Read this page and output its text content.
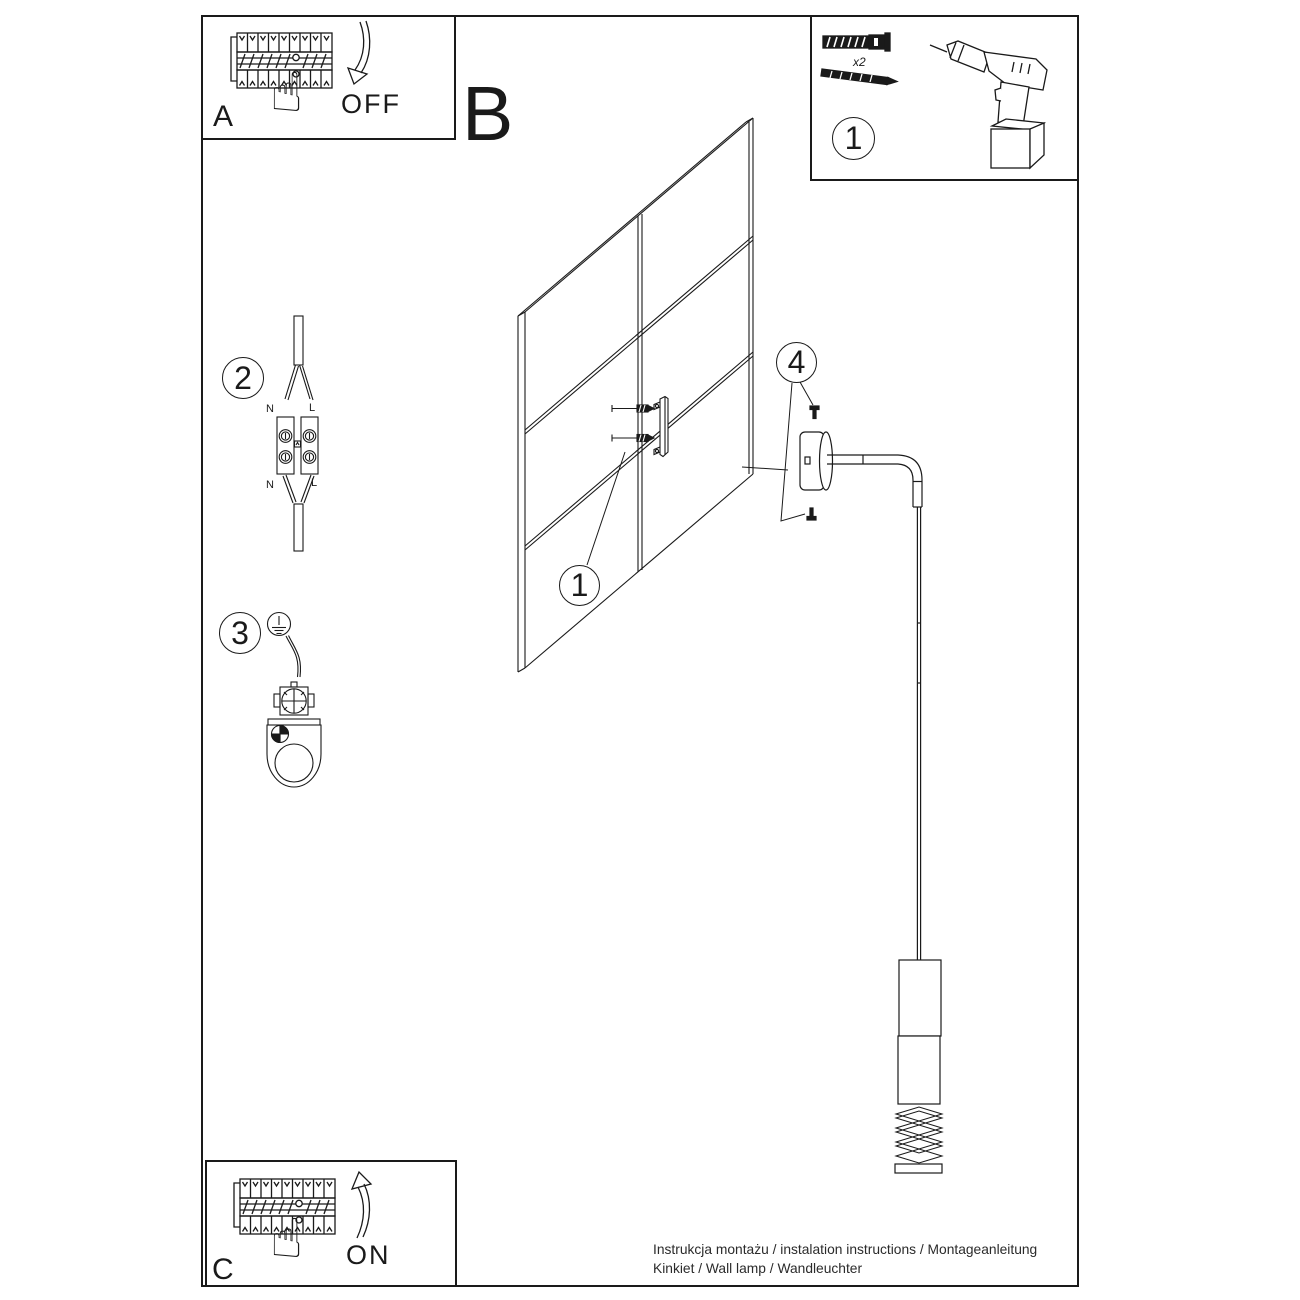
☝
☝
A	OFF B
C	ON
x2
N	L
N	L
1
2
3
1
4
Instrukcja montażu / instalation instructions / Montageanleitung
Kinkiet / Wall lamp / Wandleuchter
